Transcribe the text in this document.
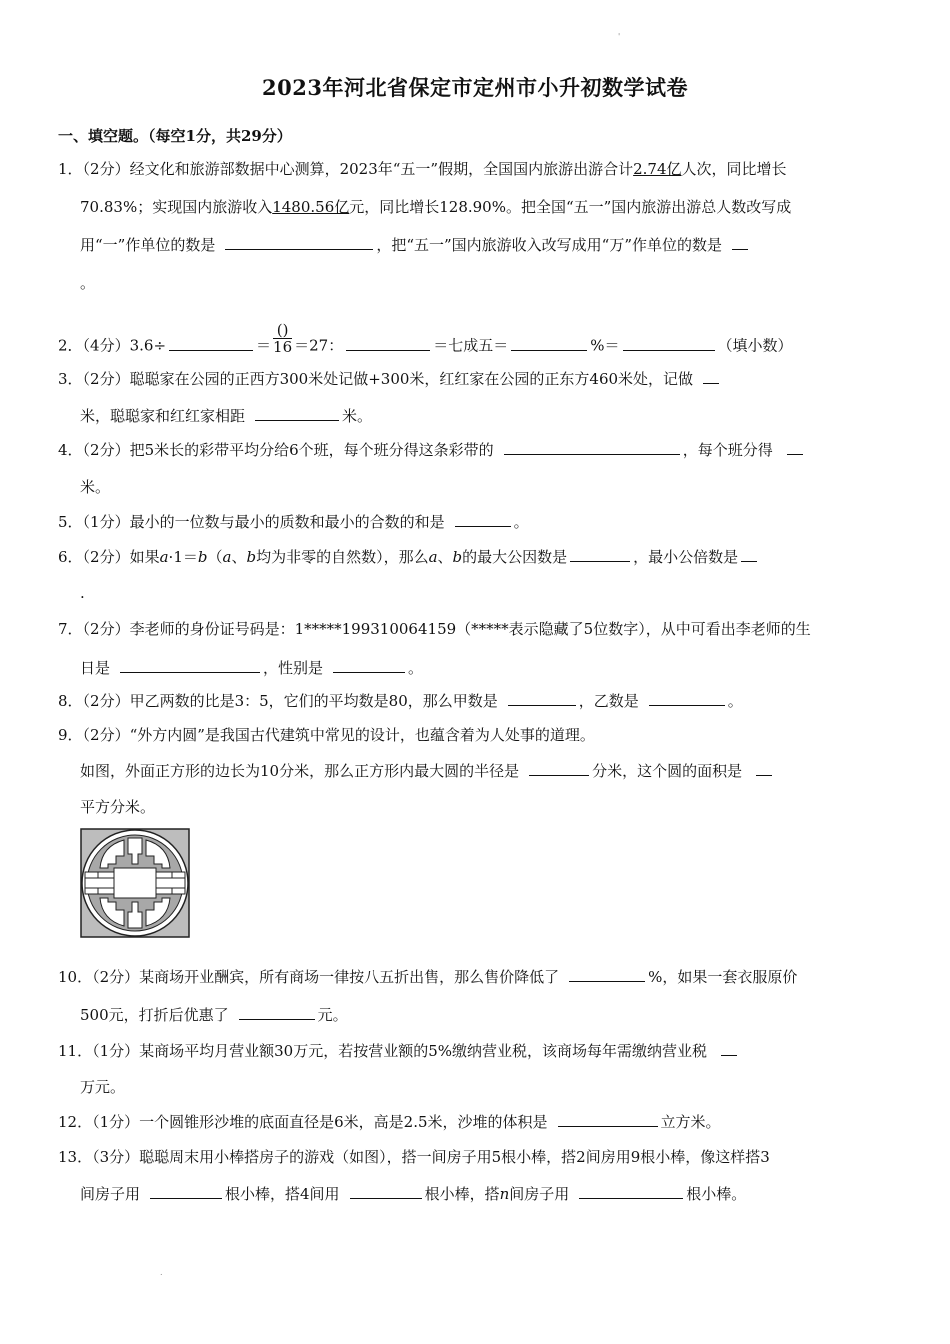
'
.
2023年河北省保定市定州市小升初数学试卷
一、填空题。（每空1分，共29分）
1．（2分）经文化和旅游部数据中心测算，2023年“五一”假期，全国国内旅游出游合计2.74亿人次，同比增长
70.83%；实现国内旅游收入1480.56亿元，同比增长128.90%。把全国“五一”国内旅游出游总人数改写成
用“一”作单位的数是	，把“五一”国内旅游收入改写成用“万”作单位的数是
。
2．（4分）3.6÷	＝ $\frac{()}{16} =27$：	＝七成五＝	%＝	（填小数）
3．（2分）聪聪家在公园的正西方300米处记做+300米，红红家在公园的正东方460米处，记做
米，聪聪家和红红家相距	米。
4．（2分）把5米长的彩带平均分给6个班，每个班分得这条彩带的	，每个班分得
米。
5．（1分）最小的一位数与最小的质数和最小的合数的和是	。
6．（2分）如果a·1＝b（a、b均为非零的自然数），那么a、b的最大公因数是	，最小公倍数是
.
7．（2分）李老师的身份证号码是：1*****199310064159（*****表示隐藏了5位数字），从中可看出李老师的生
日是	，性别是	。
8．（2分）甲乙两数的比是3：5，它们的平均数是80，那么甲数是	，乙数是	。
9．（2分）“外方内圆”是我国古代建筑中常见的设计，也蕴含着为人处事的道理。
如图，外面正方形的边长为10分米，那么正方形内最大圆的半径是	分米，这个圆的面积是
平方分米。
10．（2分）某商场开业酬宾，所有商场一律按八五折出售，那么售价降低了	%，如果一套衣服原价
500元，打折后优惠了	元。
11．（1分）某商场平均月营业额30万元，若按营业额的5%缴纳营业税，该商场每年需缴纳营业税
万元。
12．（1分）一个圆锥形沙堆的底面直径是6米，高是2.5米，沙堆的体积是	立方米。
13．（3分）聪聪周末用小棒搭房子的游戏（如图），搭一间房子用5根小棒，搭2间房用9根小棒，像这样搭3
间房子用	根小棒，搭4间用	根小棒，搭n间房子用	根小棒。
